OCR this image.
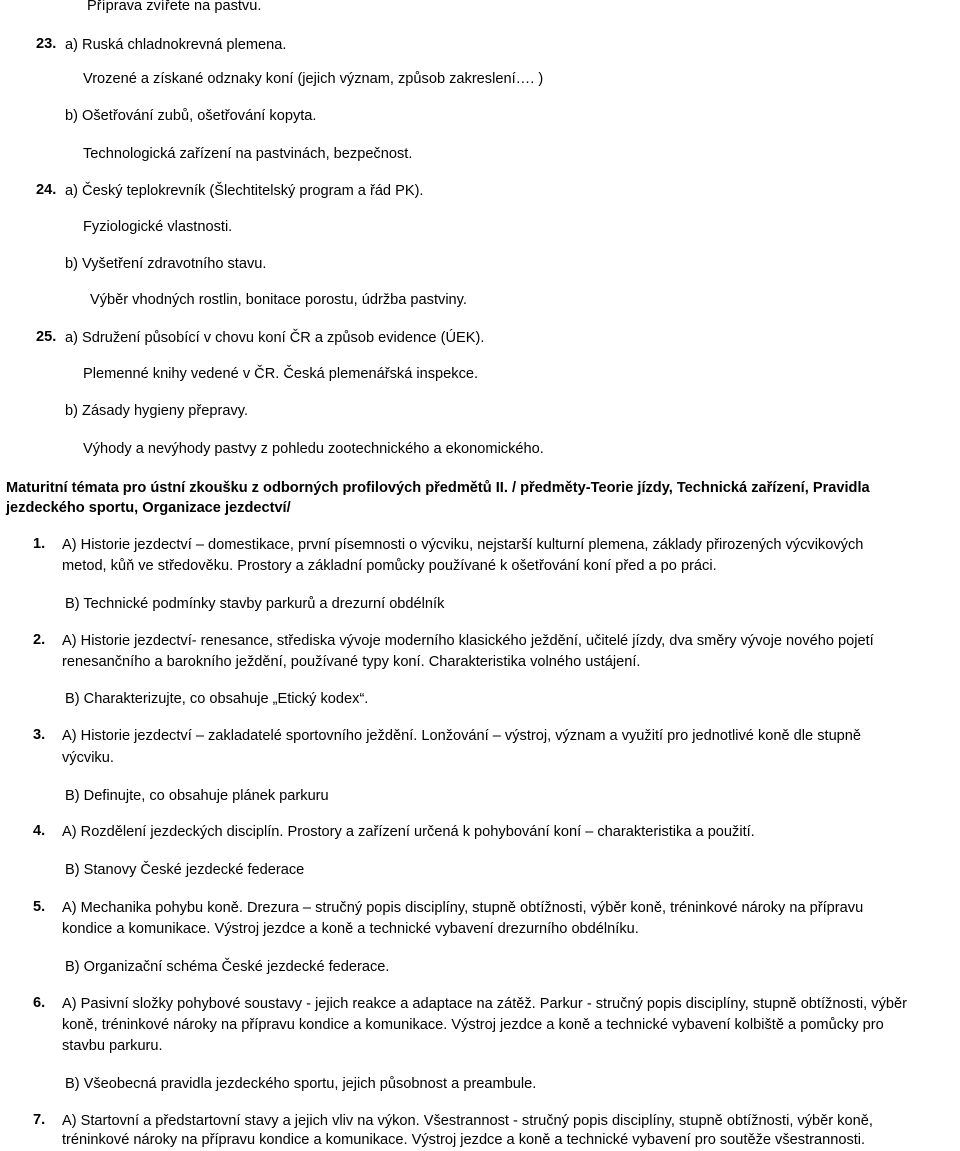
Příprava zvířete na pastvu.
23. a) Ruská chladnokrevná plemena.
Vrozené a získané odznaky koní (jejich význam, způsob zakreslení…. )
b) Ošetřování zubů, ošetřování kopyta.
Technologická zařízení na pastvinách, bezpečnost.
24. a) Český teplokrevník (Šlechtitelský program a řád PK).
Fyziologické vlastnosti.
b) Vyšetření zdravotního stavu.
Výběr vhodných rostlin, bonitace porostu, údržba pastviny.
25. a) Sdružení působící v chovu koní ČR a způsob evidence (ÚEK).
Plemenné knihy vedené v ČR. Česká plemenářská inspekce.
b) Zásady hygieny přepravy.
Výhody a nevýhody pastvy z pohledu zootechnického a ekonomického.
Maturitní témata pro ústní zkoušku z odborných profilových předmětů II. / předměty-Teorie jízdy, Technická zařízení, Pravidla
jezdeckého sportu, Organizace jezdectví/
1. A) Historie jezdectví – domestikace, první písemnosti o výcviku, nejstarší kulturní plemena, základy přirozených výcvikových
metod, kůň ve středověku. Prostory a základní pomůcky používané k ošetřování koní před a po práci.
B) Technické podmínky stavby parkurů a drezurní obdélník
2. A) Historie jezdectví- renesance, střediska vývoje moderního klasického ježdění, učitelé jízdy, dva směry vývoje nového pojetí
renesančního a barokního ježdění, používané typy koní. Charakteristika volného ustájení.
B) Charakterizujte, co obsahuje „Etický kodex“.
3. A) Historie jezdectví – zakladatelé sportovního ježdění. Lonžování – výstroj, význam a využití pro jednotlivé koně dle stupně
výcviku.
B) Definujte, co obsahuje plánek parkuru
4. A) Rozdělení jezdeckých disciplín. Prostory a zařízení určená k pohybování koní – charakteristika a použití.
B) Stanovy České jezdecké federace
5. A) Mechanika pohybu koně. Drezura – stručný popis disciplíny, stupně obtížnosti, výběr koně, tréninkové nároky na přípravu
kondice a komunikace. Výstroj jezdce a koně a technické vybavení drezurního obdélníku.
B) Organizační schéma České jezdecké federace.
6. A) Pasivní složky pohybové soustavy - jejich reakce a adaptace na zátěž. Parkur - stručný popis disciplíny, stupně obtížnosti, výběr
koně, tréninkové nároky na přípravu kondice a komunikace. Výstroj jezdce a koně a technické vybavení kolbiště a pomůcky pro
stavbu parkuru.
B) Všeobecná pravidla jezdeckého sportu, jejich působnost a preambule.
7. A) Startovní a předstartovní stavy a jejich vliv na výkon. Všestrannost - stručný popis disciplíny, stupně obtížnosti, výběr koně,
tréninkové nároky na přípravu kondice a komunikace. Výstroj jezdce a koně a technické vybavení pro soutěže všestrannosti.
